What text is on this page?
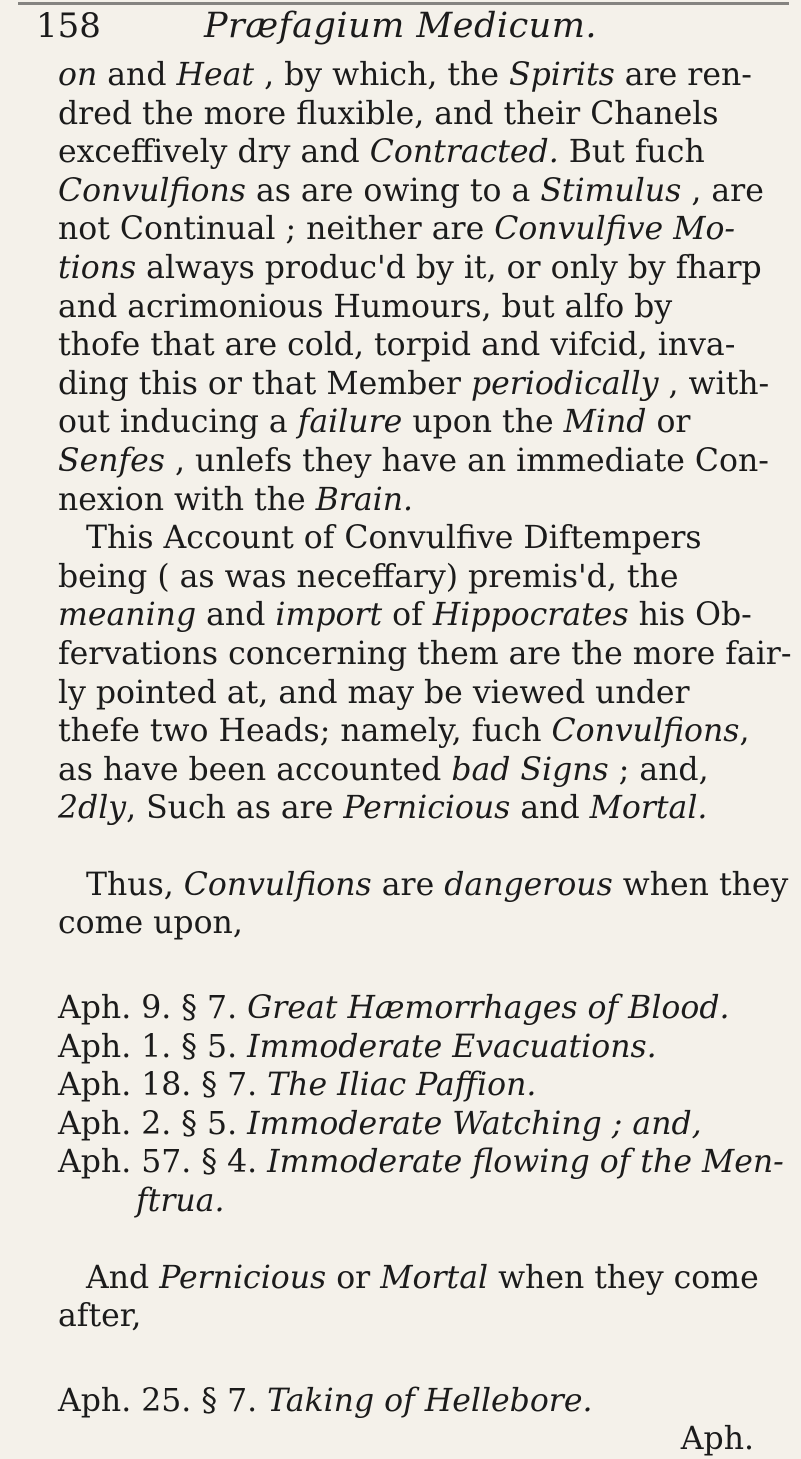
158	Præfagium Medicum.
on and Heat , by which, the Spirits are ren-
dred the more fluxible, and their Chanels
exceffively dry and Contracted. But fuch
Convulfions as are owing to a Stimulus , are
not Continual ; neither are Convulfive Mo-
tions always produc'd by it, or only by fharp
and acrimonious Humours, but alfo by
thofe that are cold, torpid and vifcid, inva-
ding this or that Member periodically , with-
out inducing a failure upon the Mind or
Senfes , unlefs they have an immediate Con-
nexion with the Brain.
This Account of Convulfive Diftempers
being ( as was neceffary) premis'd, the
meaning and import of Hippocrates his Ob-
fervations concerning them are the more fair-
ly pointed at, and may be viewed under
thefe two Heads; namely, fuch Convulfions,
as have been accounted bad Signs ; and,
2dly, Such as are Pernicious and Mortal.
Thus, Convulfions are dangerous when they
come upon,
Aph. 9. § 7. Great Hæmorrhages of Blood.
Aph. 1. § 5. Immoderate Evacuations.
Aph. 18. § 7. The Iliac Paffion.
Aph. 2. § 5. Immoderate Watching ; and,
Aph. 57. § 4. Immoderate flowing of the Men-
ftrua.
And Pernicious or Mortal when they come
after,
Aph. 25. § 7. Taking of Hellebore.
Aph.
